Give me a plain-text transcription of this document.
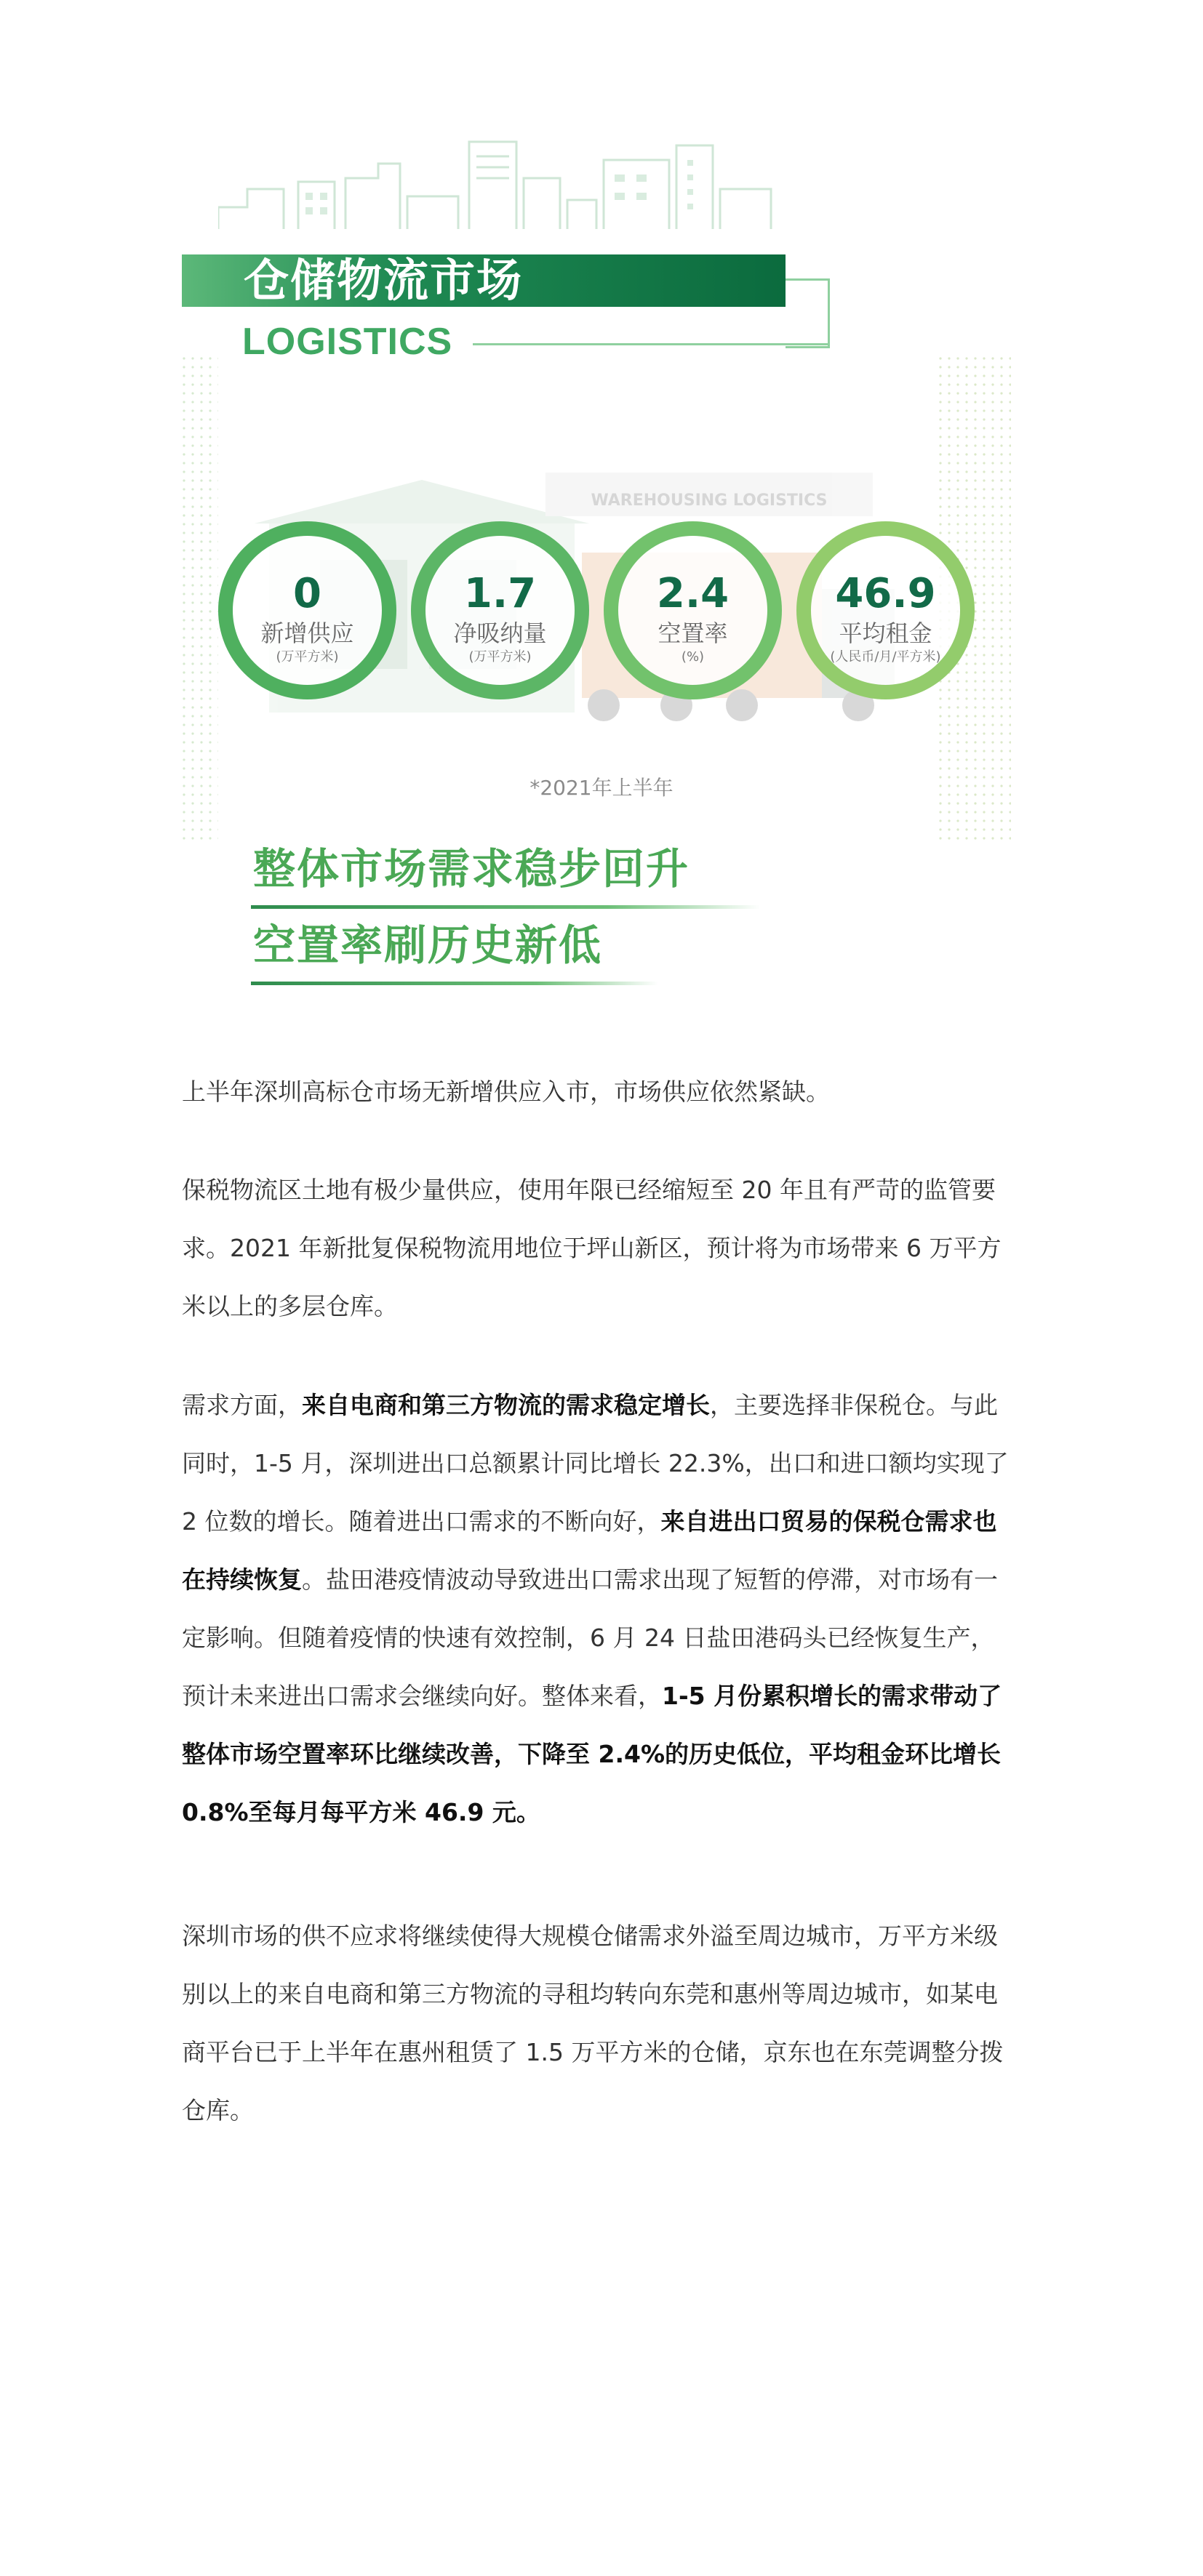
仓储物流市场
LOGISTICS
WAREHOUSING LOGISTICS
0
新增供应
(万平方米)
1.7
净吸纳量
(万平方米)
2.4
空置率
(%)
46.9
平均租金
(人民币/月/平方米)
*2021年上半年
整体市场需求稳步回升
空置率刷历史新低

上半年深圳高标仓市场无新增供应入市，市场供应依然紧缺。

保税物流区土地有极少量供应，使用年限已经缩短至 20 年且有严苛的监管要求。2021 年新批复保税物流用地位于坪山新区，预计将为市场带来 6 万平方米以上的多层仓库。

需求方面，来自电商和第三方物流的需求稳定增长，主要选择非保税仓。与此同时，1-5 月，深圳进出口总额累计同比增长 22.3%，出口和进口额均实现了 2 位数的增长。随着进出口需求的不断向好，来自进出口贸易的保税仓需求也在持续恢复。盐田港疫情波动导致进出口需求出现了短暂的停滞，对市场有一定影响。但随着疫情的快速有效控制，6 月 24 日盐田港码头已经恢复生产，预计未来进出口需求会继续向好。整体来看，1-5 月份累积增长的需求带动了整体市场空置率环比继续改善，下降至 2.4%的历史低位，平均租金环比增长 0.8%至每月每平方米 46.9 元。

深圳市场的供不应求将继续使得大规模仓储需求外溢至周边城市，万平方米级别以上的来自电商和第三方物流的寻租均转向东莞和惠州等周边城市，如某电商平台已于上半年在惠州租赁了 1.5 万平方米的仓储，京东也在东莞调整分拨仓库。
